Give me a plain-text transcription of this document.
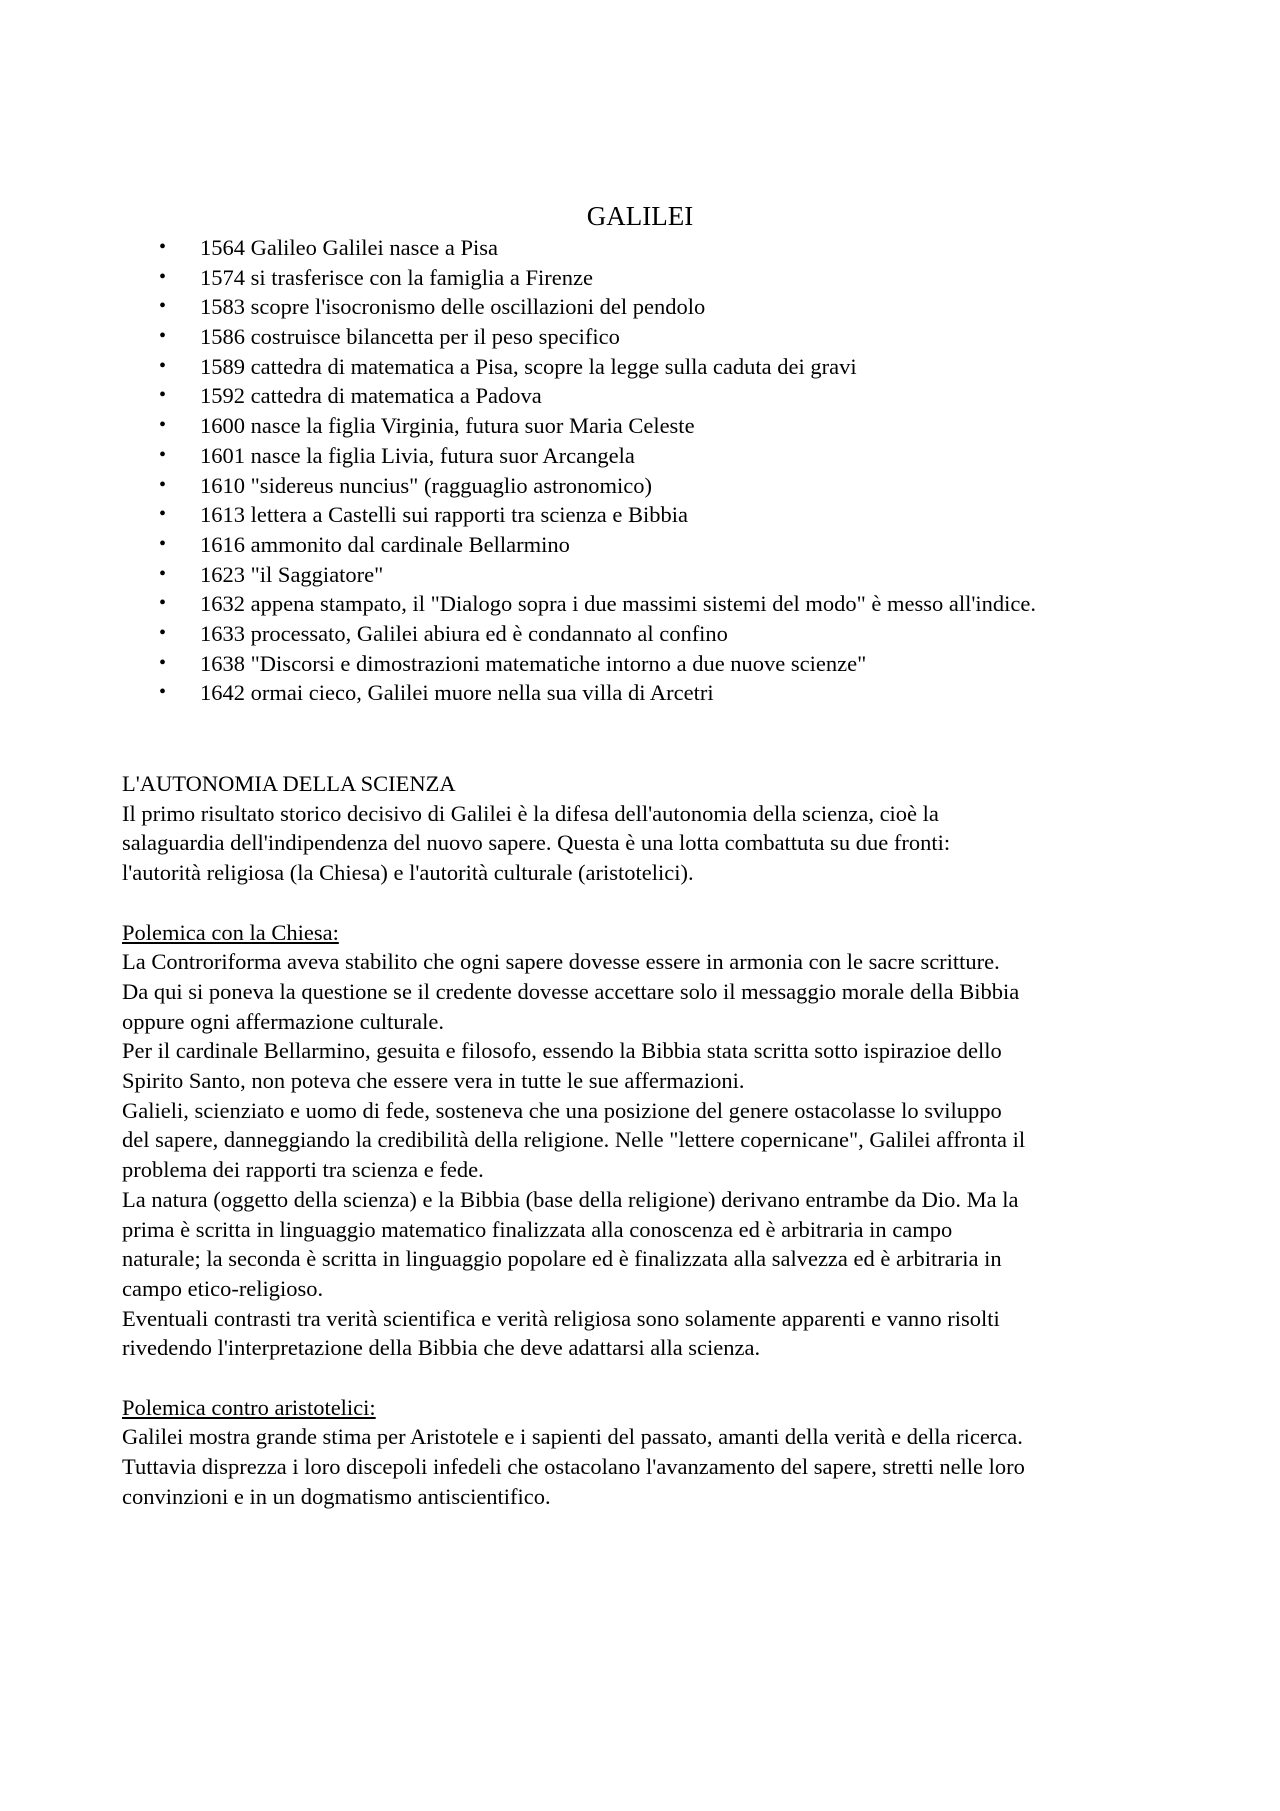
GALILEI
• 1564 Galileo Galilei nasce a Pisa
• 1574 si trasferisce con la famiglia a Firenze
• 1583 scopre l'isocronismo delle oscillazioni del pendolo
• 1586 costruisce bilancetta per il peso specifico
• 1589 cattedra di matematica a Pisa, scopre la legge sulla caduta dei gravi
• 1592 cattedra di matematica a Padova
• 1600 nasce la figlia Virginia, futura suor Maria Celeste
• 1601 nasce la figlia Livia, futura suor Arcangela
• 1610 "sidereus nuncius" (ragguaglio astronomico)
• 1613 lettera a Castelli sui rapporti tra scienza e Bibbia
• 1616 ammonito dal cardinale Bellarmino
• 1623 "il Saggiatore"
• 1632 appena stampato, il "Dialogo sopra i due massimi sistemi del modo" è messo all'indice.
• 1633 processato, Galilei abiura ed è condannato al confino
• 1638 "Discorsi e dimostrazioni matematiche intorno a due nuove scienze"
• 1642 ormai cieco, Galilei muore nella sua villa di Arcetri

L'AUTONOMIA DELLA SCIENZA

Il primo risultato storico decisivo di Galilei è la difesa dell'autonomia della scienza, cioè la

salaguardia dell'indipendenza del nuovo sapere. Questa è una lotta combattuta su due fronti:

l'autorità religiosa (la Chiesa) e l'autorità culturale (aristotelici).

Polemica con la Chiesa:

La Controriforma aveva stabilito che ogni sapere dovesse essere in armonia con le sacre scritture.

Da qui si poneva la questione se il credente dovesse accettare solo il messaggio morale della Bibbia

oppure ogni affermazione culturale.

Per il cardinale Bellarmino, gesuita e filosofo, essendo la Bibbia stata scritta sotto ispirazioe dello

Spirito Santo, non poteva che essere vera in tutte le sue affermazioni.

Galieli, scienziato e uomo di fede, sosteneva che una posizione del genere ostacolasse lo sviluppo

del sapere, danneggiando la credibilità della religione. Nelle "lettere copernicane", Galilei affronta il

problema dei rapporti tra scienza e fede.

La natura (oggetto della scienza) e la Bibbia (base della religione) derivano entrambe da Dio. Ma la

prima è scritta in linguaggio matematico finalizzata alla conoscenza ed è arbitraria in campo

naturale; la seconda è scritta in linguaggio popolare ed è finalizzata alla salvezza ed è arbitraria in

campo etico-religioso.

Eventuali contrasti tra verità scientifica e verità religiosa sono solamente apparenti e vanno risolti

rivedendo l'interpretazione della Bibbia che deve adattarsi alla scienza.

Polemica contro aristotelici:

Galilei mostra grande stima per Aristotele e i sapienti del passato, amanti della verità e della ricerca.

Tuttavia disprezza i loro discepoli infedeli che ostacolano l'avanzamento del sapere, stretti nelle loro

convinzioni e in un dogmatismo antiscientifico.
